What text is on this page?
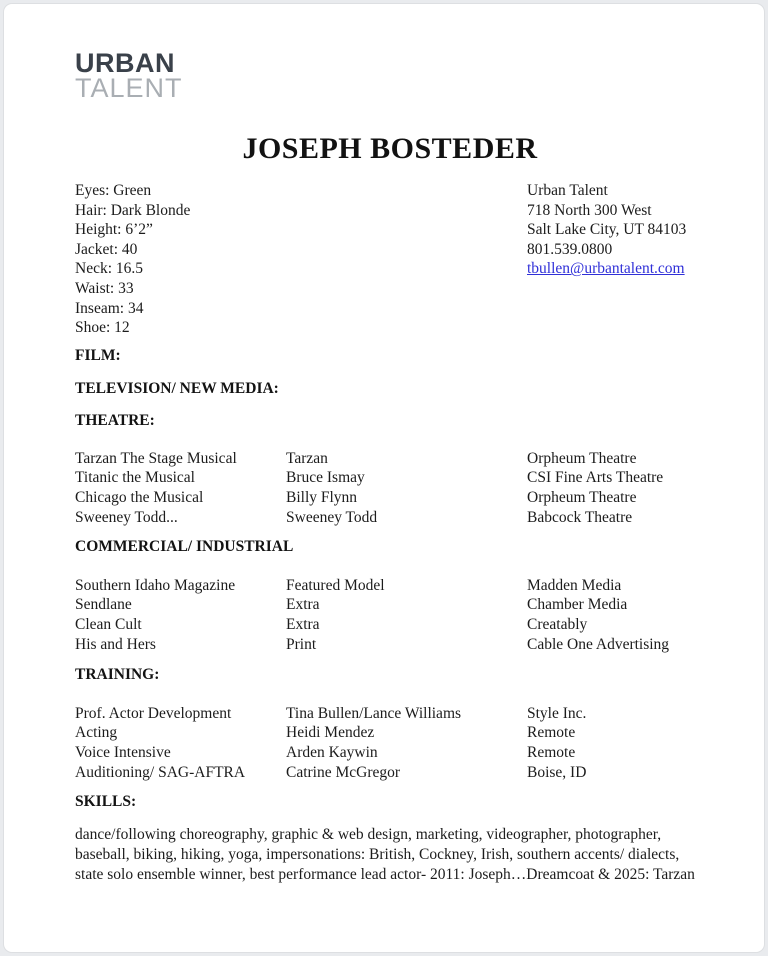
URBAN
TALENT
JOSEPH BOSTEDER
Eyes: Green
Hair: Dark Blonde
Height: 6’2”
Jacket: 40
Neck: 16.5
Waist: 33
Inseam: 34
Shoe: 12
Urban Talent
718 North 300 West
Salt Lake City, UT 84103
801.539.0800
tbullen@urbantalent.com
FILM:
TELEVISION/ NEW MEDIA:
THEATRE:
Tarzan The Stage Musical	Tarzan	Orpheum Theatre
Titanic the Musical	Bruce Ismay	CSI Fine Arts Theatre
Chicago the Musical	Billy Flynn	Orpheum Theatre
Sweeney Todd...	Sweeney Todd	Babcock Theatre
COMMERCIAL/ INDUSTRIAL
Southern Idaho Magazine	Featured Model	Madden Media
Sendlane	Extra	Chamber Media
Clean Cult	Extra	Creatably
His and Hers	Print	Cable One Advertising
TRAINING:
Prof. Actor Development	Tina Bullen/Lance Williams	Style Inc.
Acting	Heidi Mendez	Remote
Voice Intensive	Arden Kaywin	Remote
Auditioning/ SAG-AFTRA	Catrine McGregor	Boise, ID
SKILLS:
dance/following choreography, graphic & web design, marketing, videographer, photographer,
baseball, biking, hiking, yoga, impersonations: British, Cockney, Irish, southern accents/ dialects,
state solo ensemble winner, best performance lead actor- 2011: Joseph…Dreamcoat & 2025: Tarzan
